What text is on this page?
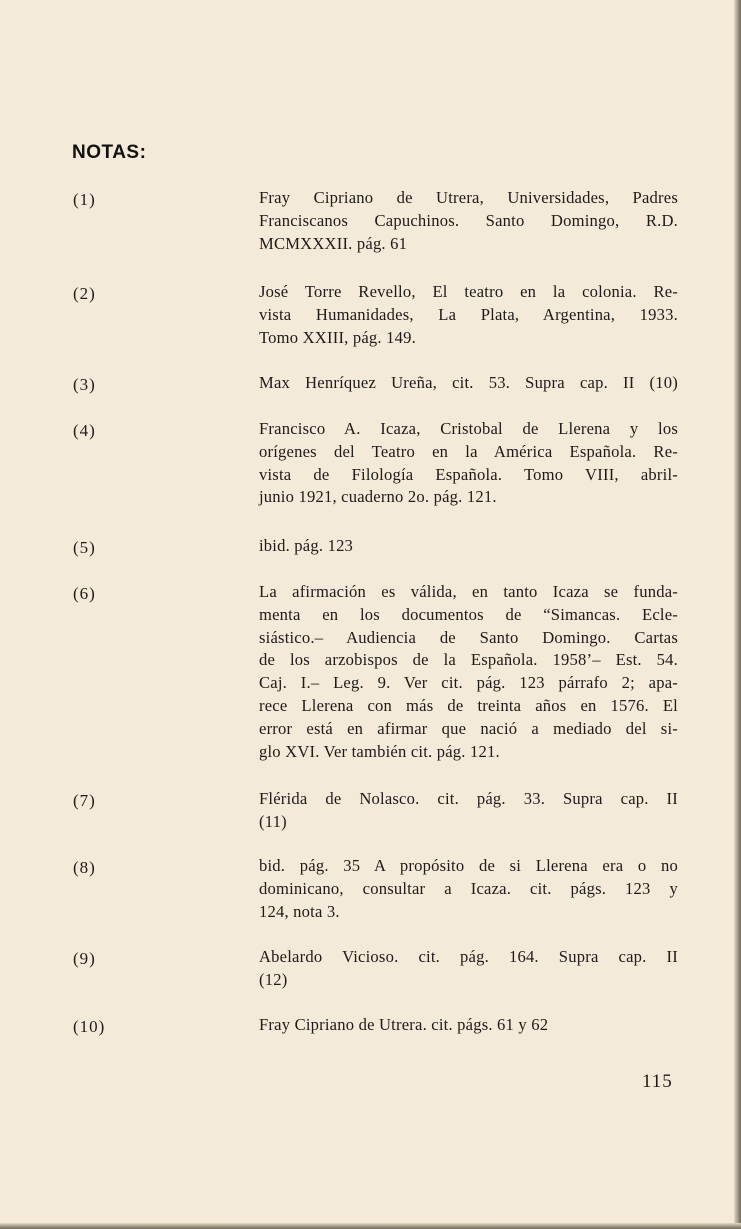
NOTAS:
(1)	Fray Cipriano de Utrera, Universidades, Padres
Franciscanos Capuchinos. Santo Domingo, R.D.
MCMXXXII. pág. 61
(2)	José Torre Revello, El teatro en la colonia. Re-
vista Humanidades, La Plata, Argentina, 1933.
Tomo XXIII, pág. 149.
(3)	Max Henríquez Ureña, cit. 53. Supra cap. II (10)
(4)	Francisco A. Icaza, Cristobal de Llerena y los
orígenes del Teatro en la América Española. Re-
vista de Filología Española. Tomo VIII, abril-
junio 1921, cuaderno 2o. pág. 121.
(5)	ibid. pág. 123
(6)	La afirmación es válida, en tanto Icaza se funda-
menta en los documentos de “Simancas. Ecle-
siástico.– Audiencia de Santo Domingo. Cartas
de los arzobispos de la Española. 1958’– Est. 54.
Caj. I.– Leg. 9. Ver cit. pág. 123 párrafo 2; apa-
rece Llerena con más de treinta años en 1576. El
error está en afirmar que nació a mediado del si-
glo XVI. Ver también cit. pág. 121.
(7)	Flérida de Nolasco. cit. pág. 33. Supra cap. II
(11)
(8)	bid. pág. 35 A propósito de si Llerena era o no
dominicano, consultar a Icaza. cit. págs. 123 y
124, nota 3.
(9)	Abelardo Vicioso. cit. pág. 164. Supra cap. II
(12)
(10)	Fray Cipriano de Utrera. cit. págs. 61 y 62
115
